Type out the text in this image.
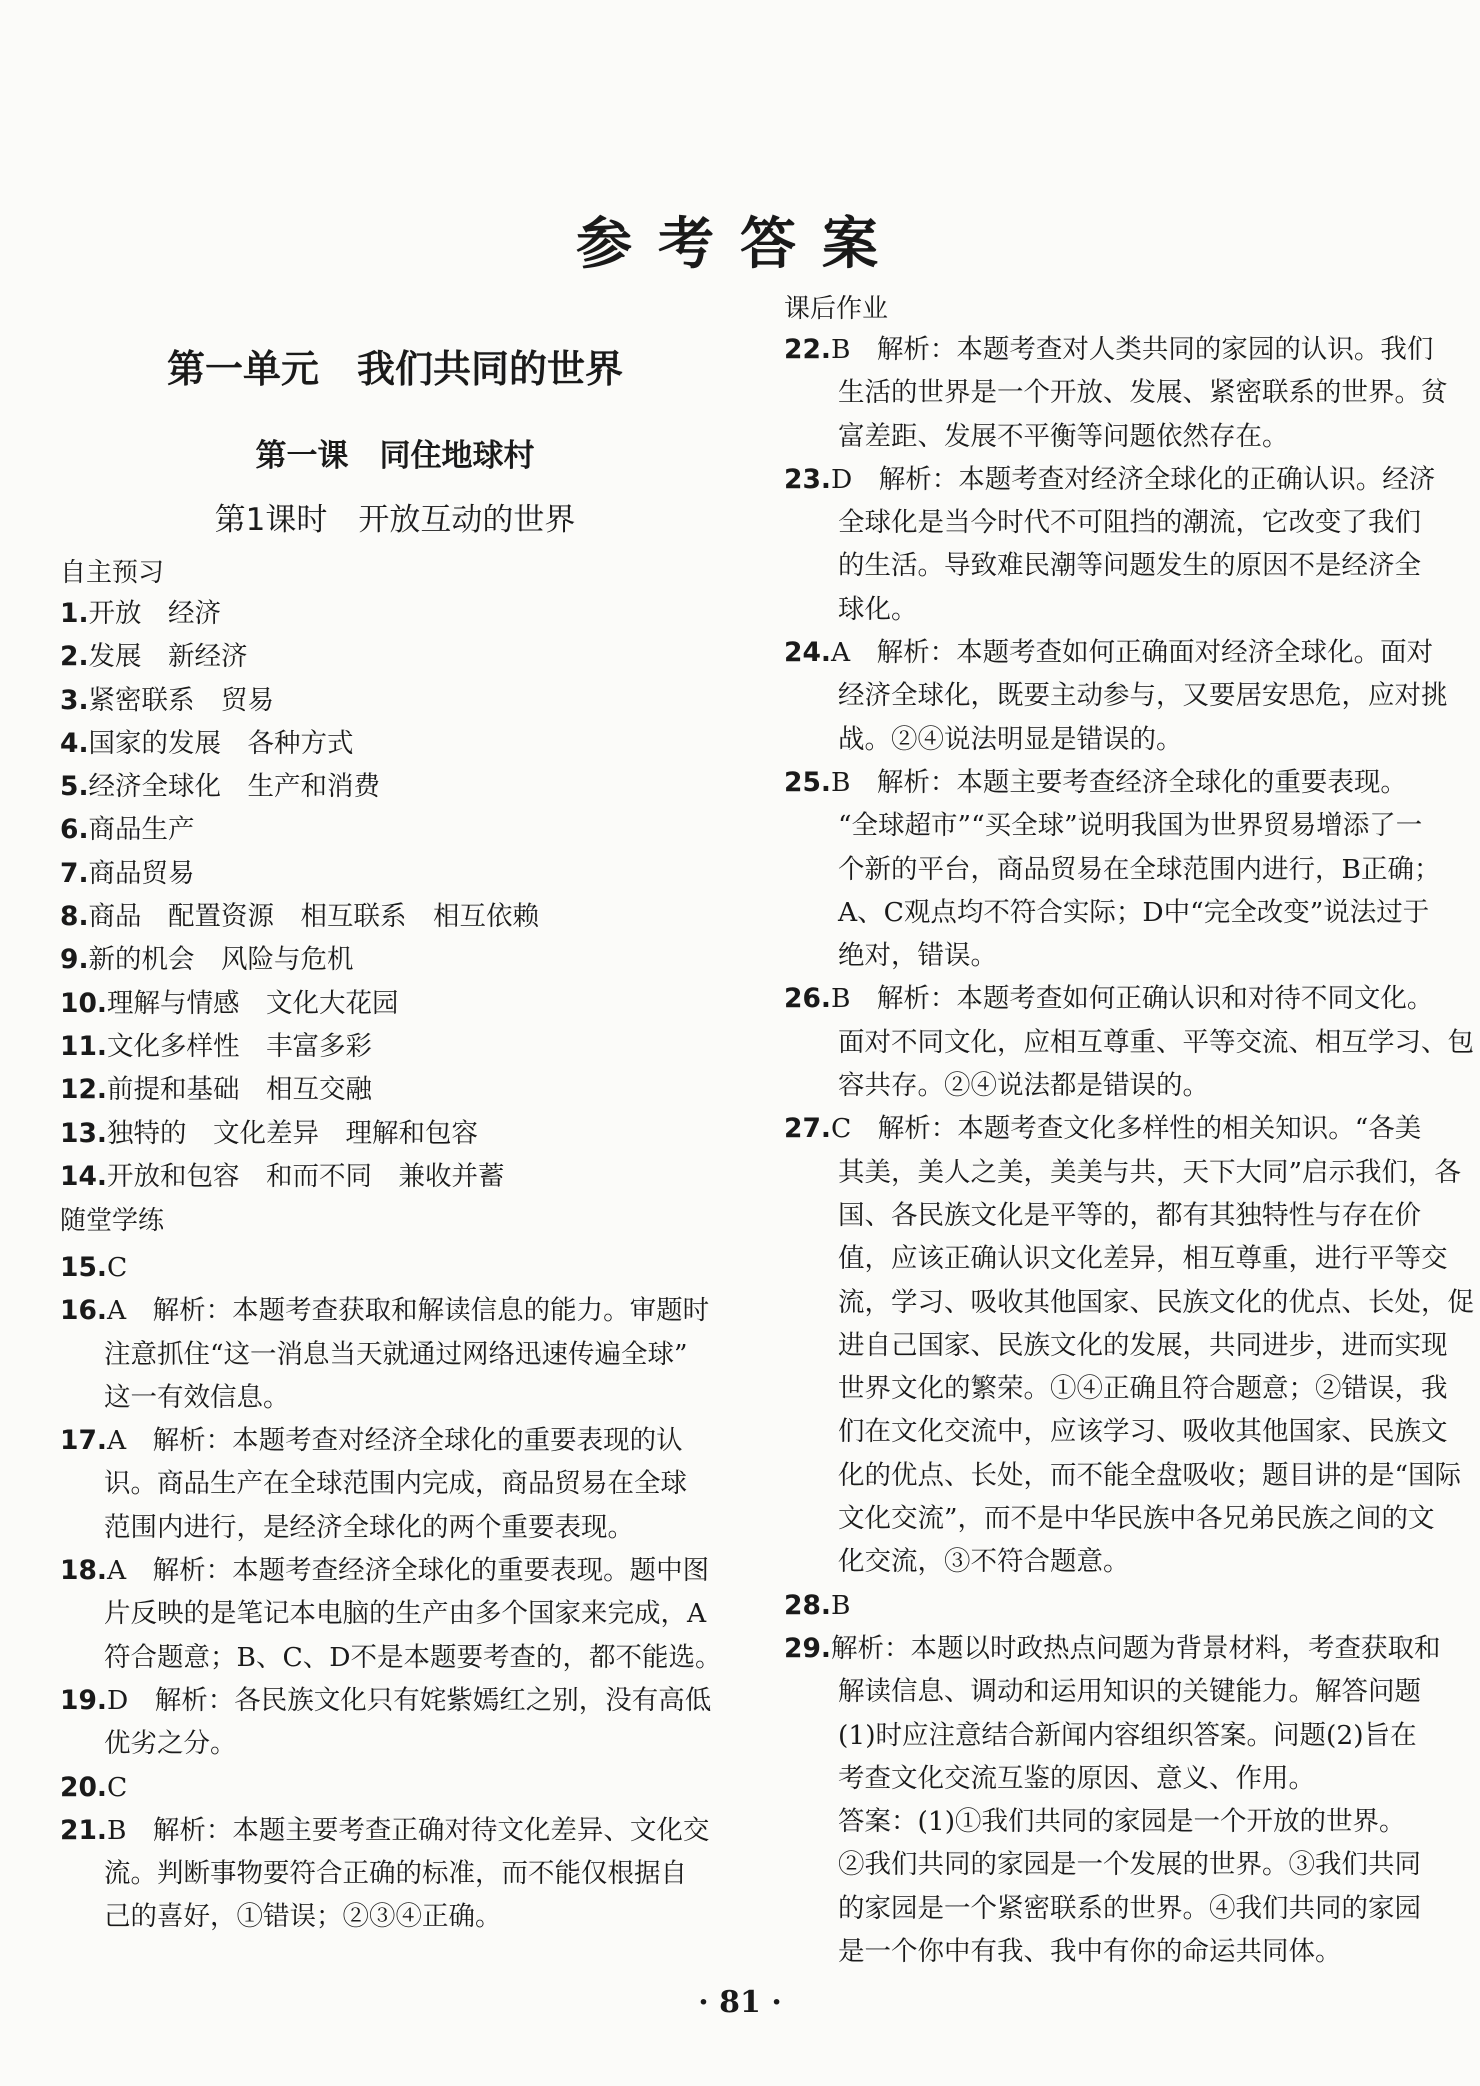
参考答案
第一单元　我们共同的世界
第一课　同住地球村
第1课时　开放互动的世界
自主预习
1.开放　经济
2.发展　新经济
3.紧密联系　贸易
4.国家的发展　各种方式
5.经济全球化　生产和消费
6.商品生产
7.商品贸易
8.商品　配置资源　相互联系　相互依赖
9.新的机会　风险与危机
10.理解与情感　文化大花园
11.文化多样性　丰富多彩
12.前提和基础　相互交融
13.独特的　文化差异　理解和包容
14.开放和包容　和而不同　兼收并蓄
随堂学练
15.C
16.A　解析：本题考查获取和解读信息的能力。审题时
注意抓住“这一消息当天就通过网络迅速传遍全球”
这一有效信息。
17.A　解析：本题考查对经济全球化的重要表现的认
识。商品生产在全球范围内完成，商品贸易在全球
范围内进行，是经济全球化的两个重要表现。
18.A　解析：本题考查经济全球化的重要表现。题中图
片反映的是笔记本电脑的生产由多个国家来完成，A
符合题意；B、C、D不是本题要考查的，都不能选。
19.D　解析：各民族文化只有姹紫嫣红之别，没有高低
优劣之分。
20.C
21.B　解析：本题主要考查正确对待文化差异、文化交
流。判断事物要符合正确的标准，而不能仅根据自
己的喜好，①错误；②③④正确。
课后作业
22.B　解析：本题考查对人类共同的家园的认识。我们
生活的世界是一个开放、发展、紧密联系的世界。贫
富差距、发展不平衡等问题依然存在。
23.D　解析：本题考查对经济全球化的正确认识。经济
全球化是当今时代不可阻挡的潮流，它改变了我们
的生活。导致难民潮等问题发生的原因不是经济全
球化。
24.A　解析：本题考查如何正确面对经济全球化。面对
经济全球化，既要主动参与，又要居安思危，应对挑
战。②④说法明显是错误的。
25.B　解析：本题主要考查经济全球化的重要表现。
“全球超市”“买全球”说明我国为世界贸易增添了一
个新的平台，商品贸易在全球范围内进行，B正确；
A、C观点均不符合实际；D中“完全改变”说法过于
绝对，错误。
26.B　解析：本题考查如何正确认识和对待不同文化。
面对不同文化，应相互尊重、平等交流、相互学习、包
容共存。②④说法都是错误的。
27.C　解析：本题考查文化多样性的相关知识。“各美
其美，美人之美，美美与共，天下大同”启示我们，各
国、各民族文化是平等的，都有其独特性与存在价
值，应该正确认识文化差异，相互尊重，进行平等交
流，学习、吸收其他国家、民族文化的优点、长处，促
进自己国家、民族文化的发展，共同进步，进而实现
世界文化的繁荣。①④正确且符合题意；②错误，我
们在文化交流中，应该学习、吸收其他国家、民族文
化的优点、长处，而不能全盘吸收；题目讲的是“国际
文化交流”，而不是中华民族中各兄弟民族之间的文
化交流，③不符合题意。
28.B
29.解析：本题以时政热点问题为背景材料，考查获取和
解读信息、调动和运用知识的关键能力。解答问题
(1)时应注意结合新闻内容组织答案。问题(2)旨在
考查文化交流互鉴的原因、意义、作用。
答案：(1)①我们共同的家园是一个开放的世界。
②我们共同的家园是一个发展的世界。③我们共同
的家园是一个紧密联系的世界。④我们共同的家园
是一个你中有我、我中有你的命运共同体。
· 81 ·
